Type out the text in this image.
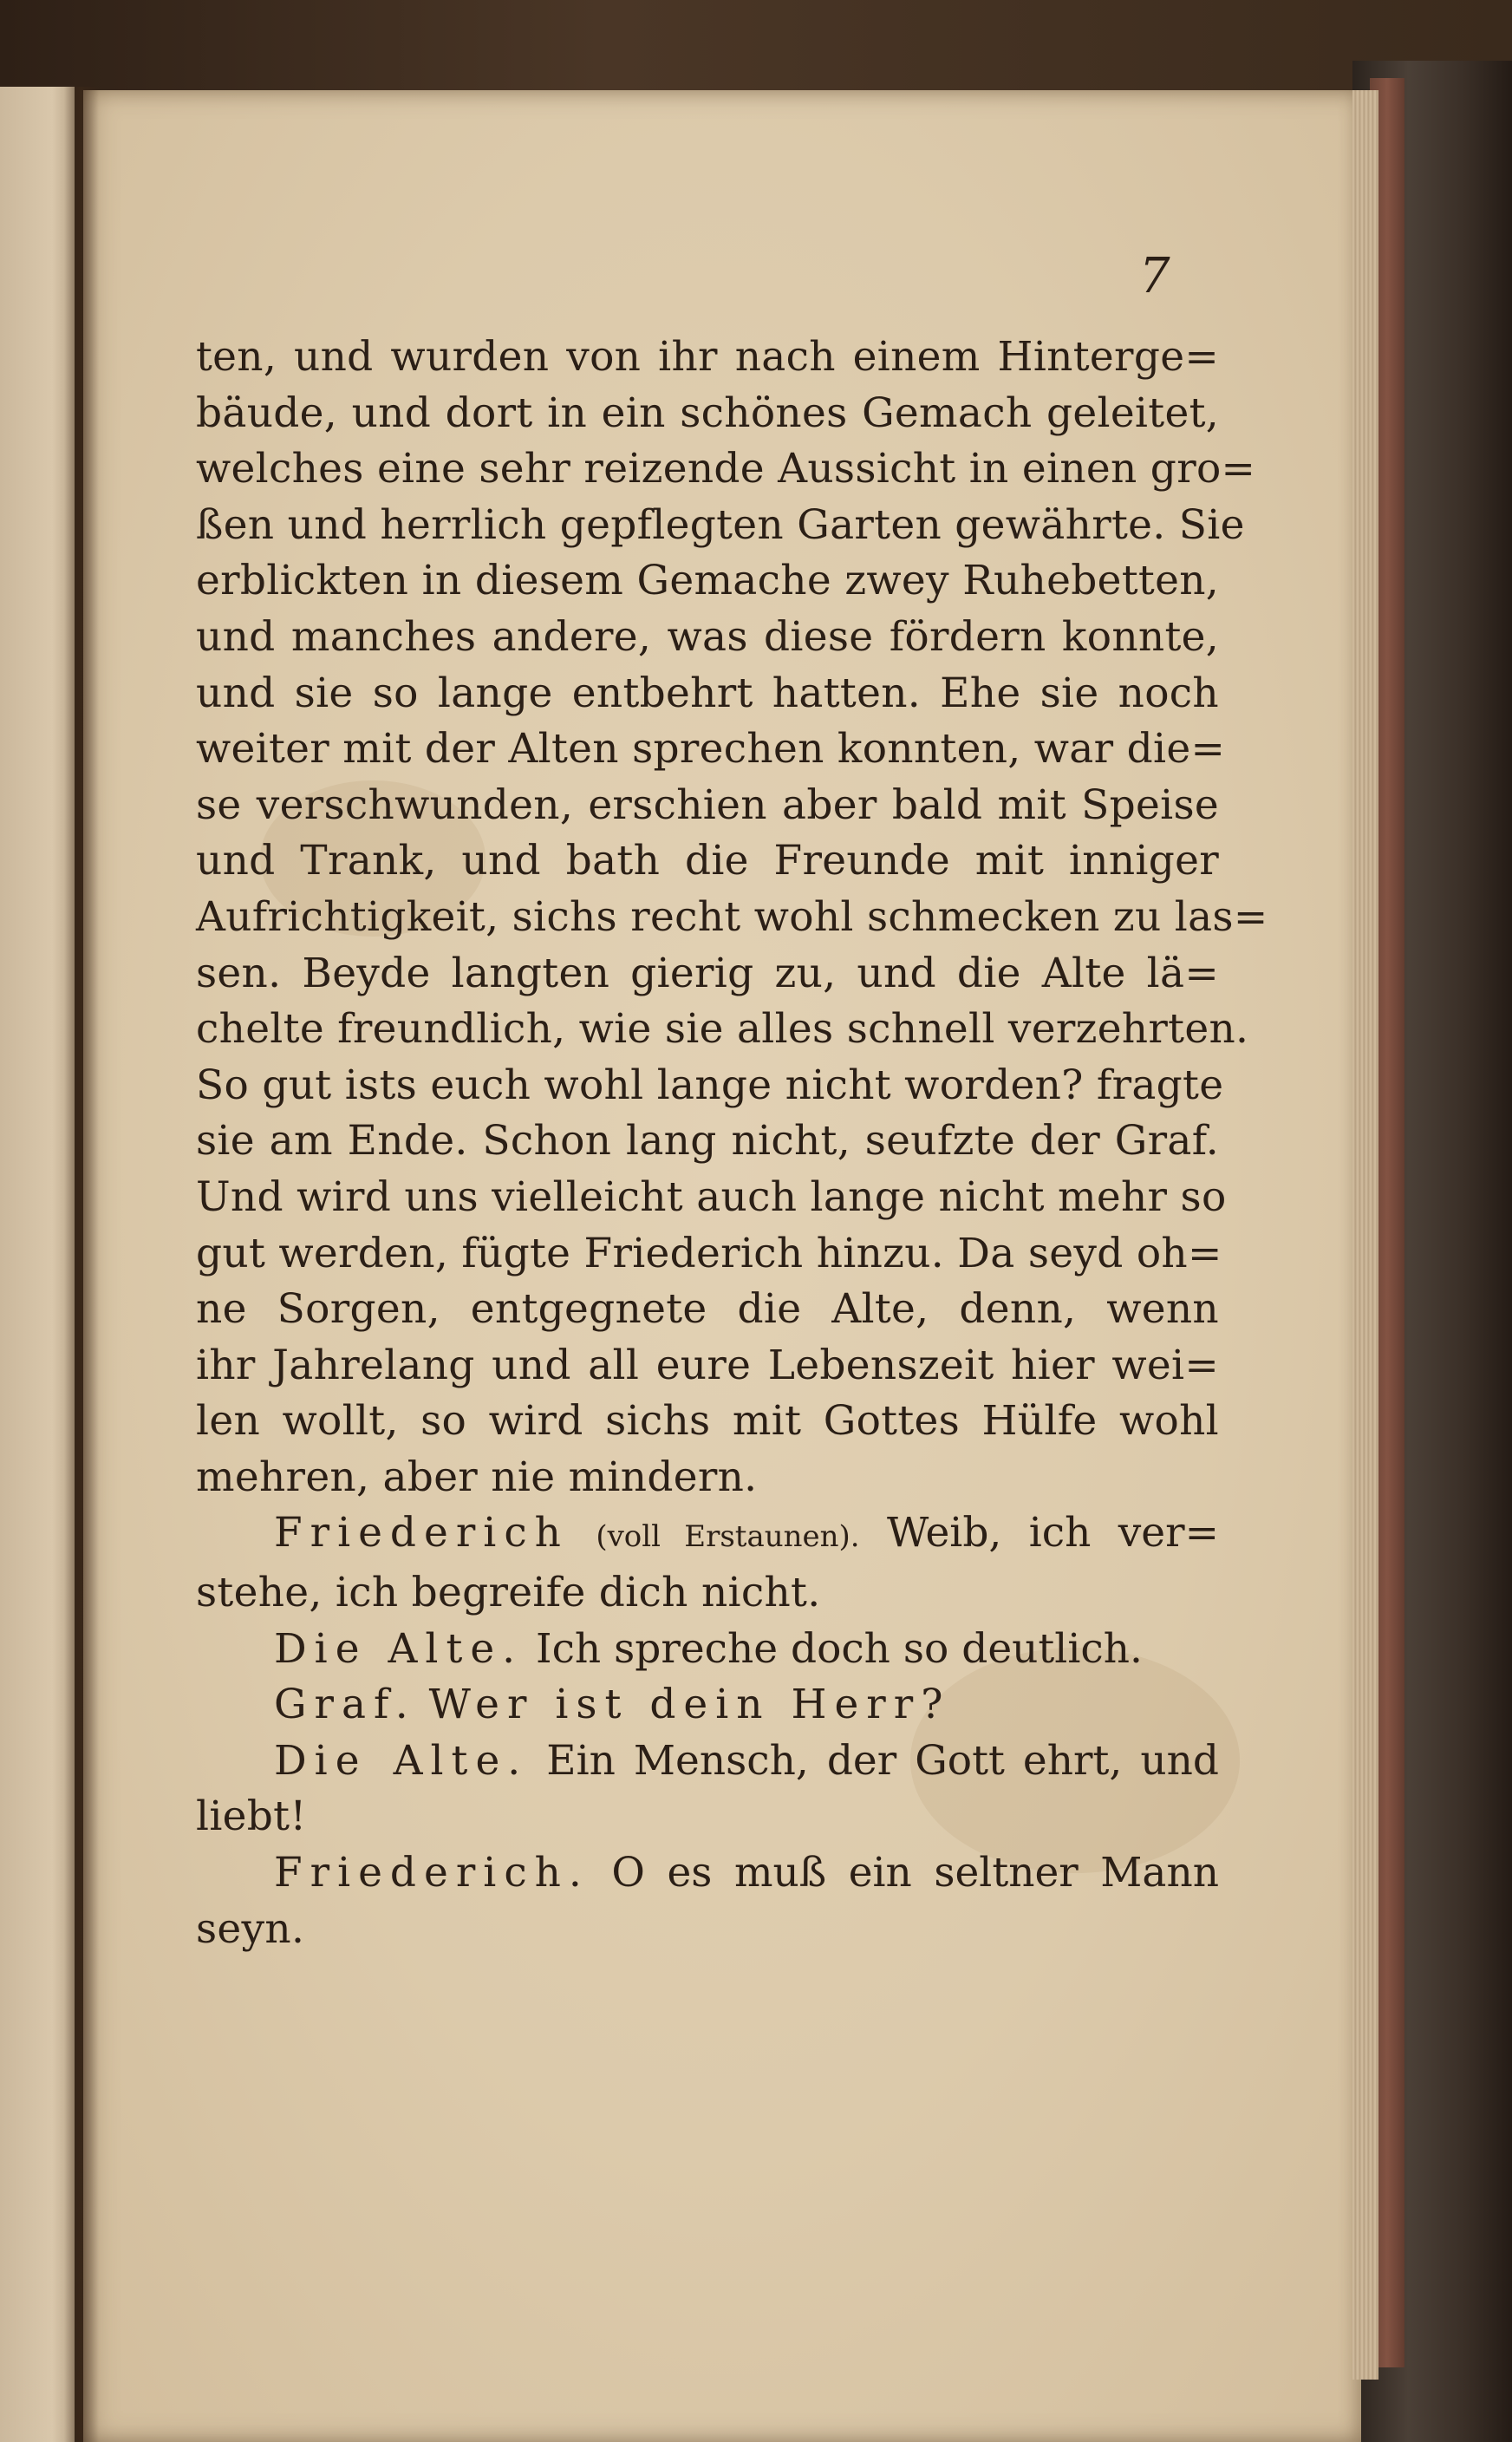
7
ten, und wurden von ihr nach einem Hinterge=
bäude, und dort in ein schönes Gemach geleitet,
welches eine sehr reizende Aussicht in einen gro=
ßen und herrlich gepflegten Garten gewährte. Sie
erblickten in diesem Gemache zwey Ruhebetten,
und manches andere, was diese fördern konnte,
und sie so lange entbehrt hatten. Ehe sie noch
weiter mit der Alten sprechen konnten, war die=
se verschwunden, erschien aber bald mit Speise
und Trank, und bath die Freunde mit inniger
Aufrichtigkeit, sichs recht wohl schmecken zu las=
sen. Beyde langten gierig zu, und die Alte lä=
chelte freundlich, wie sie alles schnell verzehrten.
So gut ists euch wohl lange nicht worden? fragte
sie am Ende. Schon lang nicht, seufzte der Graf.
Und wird uns vielleicht auch lange nicht mehr so
gut werden, fügte Friederich hinzu. Da seyd oh=
ne Sorgen, entgegnete die Alte, denn, wenn
ihr Jahrelang und all eure Lebenszeit hier wei=
len wollt, so wird sichs mit Gottes Hülfe wohl
mehren, aber nie mindern.
Friederich (voll Erstaunen). Weib, ich ver=
stehe, ich begreife dich nicht.
Die Alte. Ich spreche doch so deutlich.
Graf. Wer ist dein Herr?
Die Alte. Ein Mensch, der Gott ehrt, und
liebt!
Friederich. O es muß ein seltner Mann
seyn.
